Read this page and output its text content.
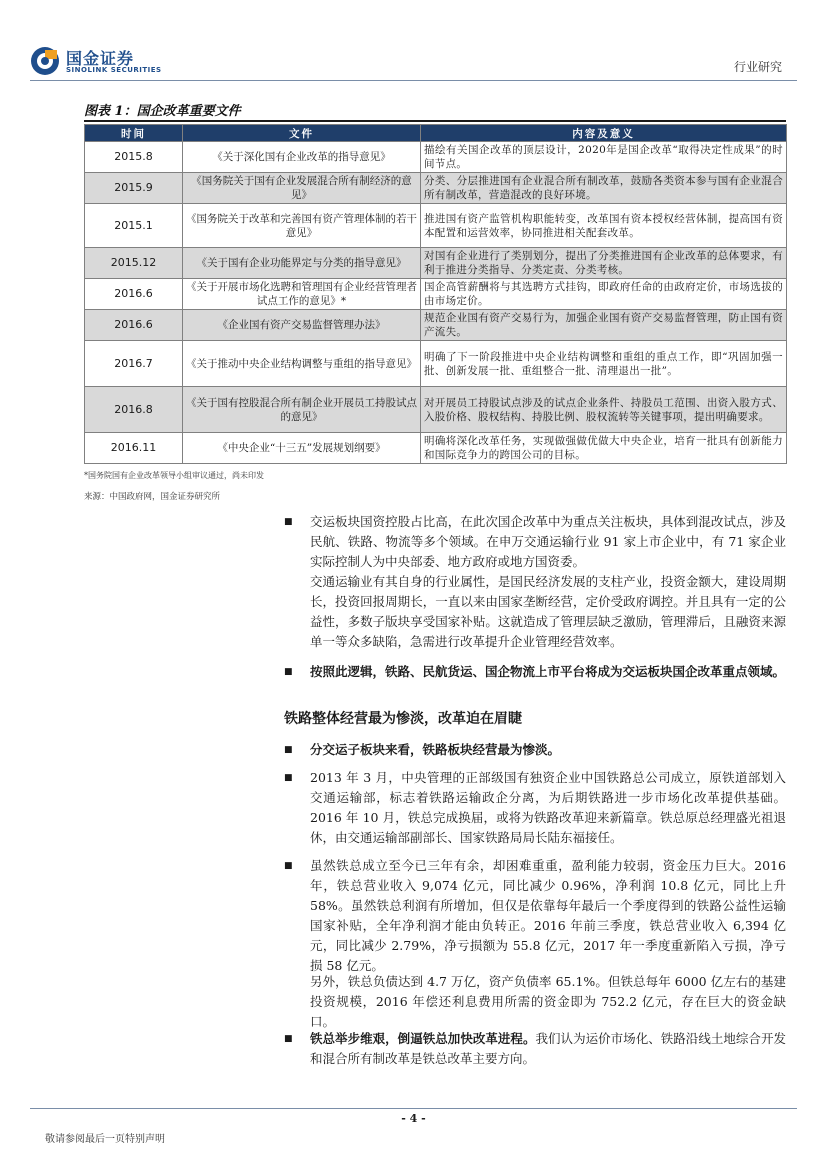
国金证券
SINOLINK SECURITIES	行业研究
图表 1：国企改革重要文件
时间	文件	内容及意义
2015.8	《关于深化国有企业改革的指导意见》	描绘有关国企改革的顶层设计，2020年是国企改革“取得决定性成果”的时间节点。
2015.9	《国务院关于国有企业发展混合所有制经济的意见》	分类、分层推进国有企业混合所有制改革，鼓励各类资本参与国有企业混合所有制改革，营造混改的良好环境。
2015.1	《国务院关于改革和完善国有资产管理体制的若干意见》	推进国有资产监管机构职能转变，改革国有资本授权经营体制，提高国有资本配置和运营效率，协同推进相关配套改革。
2015.12	《关于国有企业功能界定与分类的指导意见》	对国有企业进行了类别划分，提出了分类推进国有企业改革的总体要求，有利于推进分类指导、分类定责、分类考核。
2016.6	《关于开展市场化选聘和管理国有企业经营管理者试点工作的意见》*	国企高管薪酬将与其选聘方式挂钩，即政府任命的由政府定价，市场选拔的由市场定价。
2016.6	《企业国有资产交易监督管理办法》	规范企业国有资产交易行为，加强企业国有资产交易监督管理，防止国有资产流失。
2016.7	《关于推动中央企业结构调整与重组的指导意见》	明确了下一阶段推进中央企业结构调整和重组的重点工作，即“巩固加强一批、创新发展一批、重组整合一批、清理退出一批”。
2016.8	《关于国有控股混合所有制企业开展员工持股试点的意见》	对开展员工持股试点涉及的试点企业条件、持股员工范围、出资入股方式、入股价格、股权结构、持股比例、股权流转等关键事项，提出明确要求。
2016.11	《中央企业“十三五”发展规划纲要》	明确将深化改革任务，实现做强做优做大中央企业，培育一批具有创新能力和国际竞争力的跨国公司的目标。
*国务院国有企业改革领导小组审议通过，尚未印发
来源：中国政府网，国金证券研究所
■ 交运板块国资控股占比高，在此次国企改革中为重点关注板块，具体到混改试点，涉及民航、铁路、物流等多个领域。在申万交通运输行业 91 家上市企业中，有 71 家企业实际控制人为中央部委、地方政府或地方国资委。
交通运输业有其自身的行业属性，是国民经济发展的支柱产业，投资金额大，建设周期长，投资回报周期长，一直以来由国家垄断经营，定价受政府调控。并且具有一定的公益性，多数子版块享受国家补贴。这就造成了管理层缺乏激励，管理滞后，且融资来源单一等众多缺陷，急需进行改革提升企业管理经营效率。
■ 按照此逻辑，铁路、民航货运、国企物流上市平台将成为交运板块国企改革重点领域。
铁路整体经营最为惨淡，改革迫在眉睫
■ 分交运子板块来看，铁路板块经营最为惨淡。
■ 2013 年 3 月，中央管理的正部级国有独资企业中国铁路总公司成立，原铁道部划入交通运输部，标志着铁路运输政企分离，为后期铁路进一步市场化改革提供基础。2016 年 10 月，铁总完成换届，或将为铁路改革迎来新篇章。铁总原总经理盛光祖退休，由交通运输部副部长、国家铁路局局长陆东福接任。
■ 虽然铁总成立至今已三年有余，却困难重重，盈利能力较弱，资金压力巨大。2016 年，铁总营业收入 9,074 亿元，同比减少 0.96%，净利润 10.8 亿元，同比上升 58%。虽然铁总利润有所增加，但仅是依靠每年最后一个季度得到的铁路公益性运输国家补贴，全年净利润才能由负转正。2016 年前三季度，铁总营业收入 6,394 亿元，同比减少 2.79%，净亏损额为 55.8 亿元，2017 年一季度重新陷入亏损，净亏损 58 亿元。
另外，铁总负债达到 4.7 万亿，资产负债率 65.1%。但铁总每年 6000 亿左右的基建投资规模，2016 年偿还利息费用所需的资金即为 752.2 亿元，存在巨大的资金缺口。
■ 铁总举步维艰，倒逼铁总加快改革进程。我们认为运价市场化、铁路沿线土地综合开发和混合所有制改革是铁总改革主要方向。
- 4 -
敬请参阅最后一页特别声明
